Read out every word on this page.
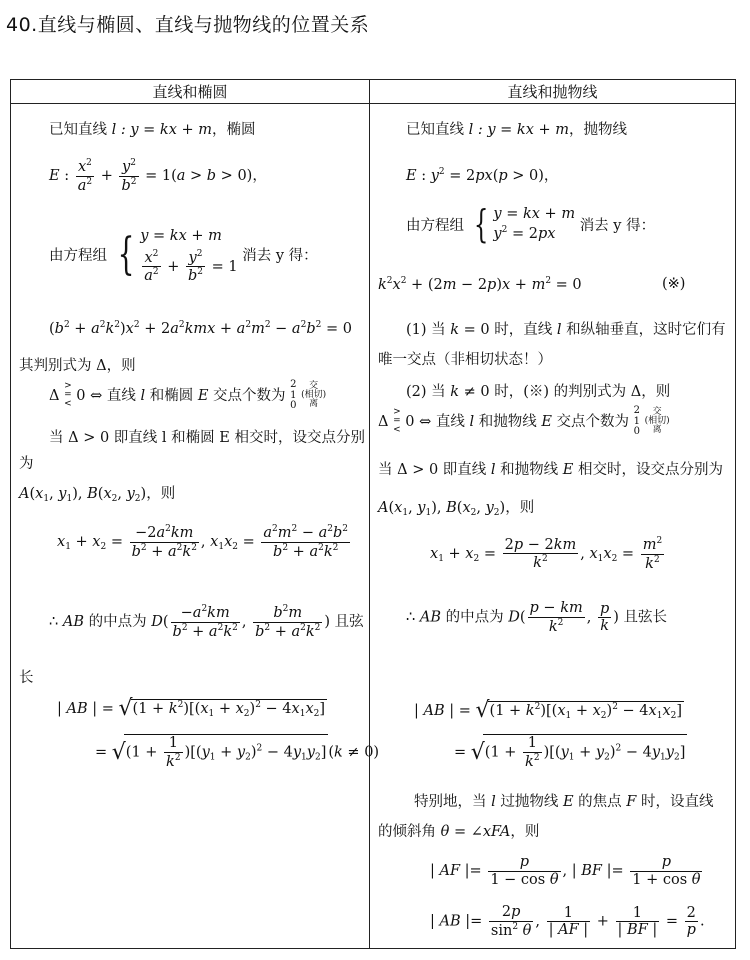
40.直线与椭圆、直线与抛物线的位置关系
直线和椭圆	直线和抛物线
已知直线 l : y = kx + m，椭圆
E : $\frac{x^2}{a^2} + \frac{y^2}{b^2} = 1(a > b > 0)$，
由方程组 { y = kx + m
$\frac{x^2}{a^2} + \frac{y^2}{b^2} = 1$
消去 y 得：
$(b^2 + a^2k^2)x^2 + 2a^2kmx + a^2m^2 - a^2b^2 = 0$
其判别式为 Δ，则
Δ >
=
< 0 ⇔ 直线 l 和椭圆 E 交点个数为 2
1
0 交
(相切)
离
当 Δ > 0 即直线 l 和椭圆 E 相交时，设交点分别
为
$A(x_1$, $y_1$), $B(x_2$, $y_2$)，则
$x_1 + x_2 = \frac{-2a^2km}{b^2 + a^2k^2}$ , $x_1x_2 = \frac{a^2m^2 - a^2b^2}{b^2 + a^2k^2}$
∴ AB 的中点为 $D( \frac{-a^2km}{b^2 + a^2k^2}$ , $\frac{b^2m}{b^2 + a^2k^2}$ ) 且弦
长
| AB | = $√(1 + k^2)[(x_1 + x_2)^2 - 4x_1x_2]$
= $√(1 + \frac{1}{k^2} )[(y_1 + y_2)^2 - 4y_1y_2] (k \ne 0)$
已知直线 l : y = kx + m，抛物线
E : $y^2 = 2px(p > 0)$，
由方程组 { y = kx + m
$y^2 = 2px$
消去 y 得：
$k^2x^2 + (2m - 2p)x + m^2 = 0$	(※)
(1) 当 k = 0 时，直线 l 和纵轴垂直，这时它们有
唯一交点（非相切状态！）
(2) 当 k ≠ 0 时，(※) 的判别式为 Δ，则
Δ >
=
< 0 ⇔ 直线 l 和抛物线 E 交点个数为 2
1
0 交
(相切)
离
当 Δ > 0 即直线 l 和抛物线 E 相交时，设交点分别为
$A(x_1$, $y_1$), $B(x_2$, $y_2$)，则
$x_1 + x_2 = \frac{2p - 2km}{k^2}$ , $x_1x_2 = \frac{m^2}{k^2}$
∴ AB 的中点为 $D( \frac{p - km}{k^2}$ , $\frac{p}{k}$ ) 且弦长
| AB | = $√(1 + k^2)[(x_1 + x_2)^2 - 4x_1x_2]$
= $√(1 + \frac{1}{k^2} )[(y_1 + y_2)^2 - 4y_1y_2]$
特别地，当 l 过抛物线 E 的焦点 F 时，设直线
的倾斜角 θ = ∠xFA，则
| AF |= $\frac{p}{\text{1 − cos θ}}$ , | BF |= $\frac{p}{\text{1 + cos θ}}$
| AB |= $\frac{2p}{\sin^2 \theta}$ , $\frac{1}{| AF |} + \frac{1}{| BF |} = \frac{2}{p}$ .
